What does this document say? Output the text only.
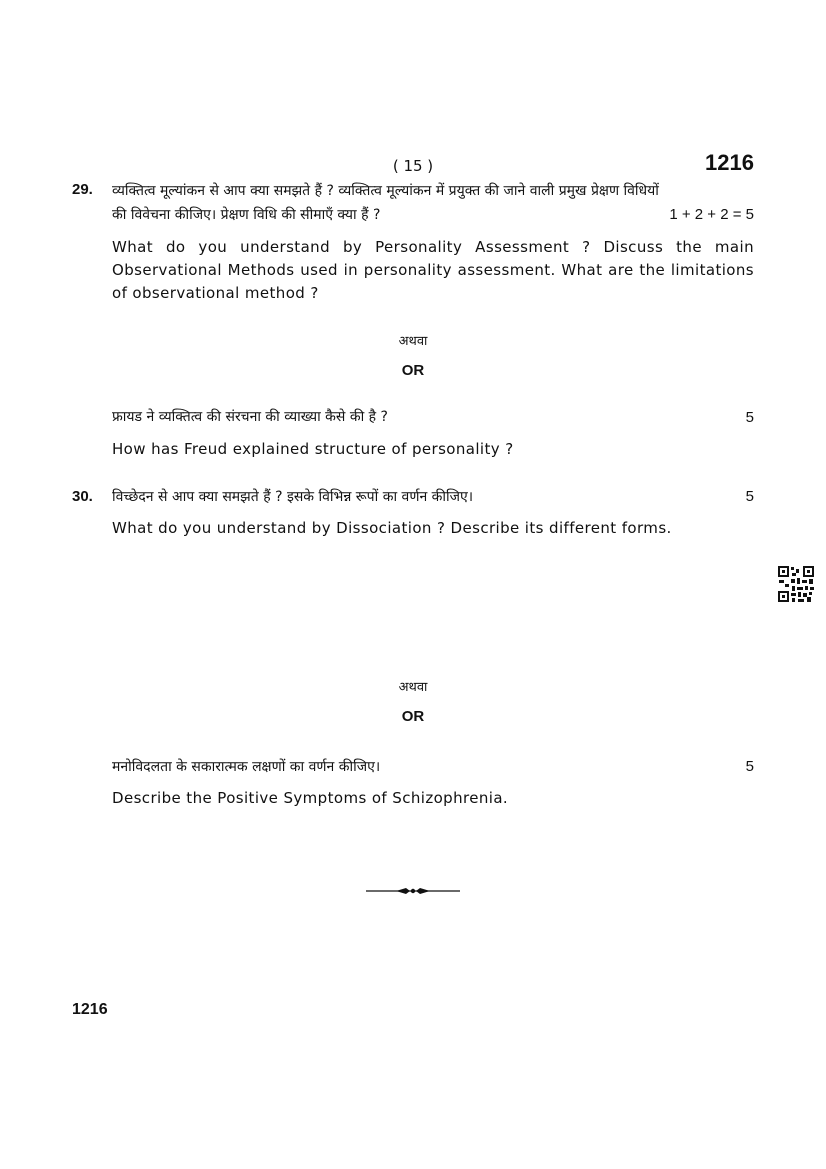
( 15 )	1216
29. व्यक्तित्व मूल्यांकन से आप क्या समझते हैं ? व्यक्तित्व मूल्यांकन में प्रयुक्त की जाने वाली प्रमुख प्रेक्षण विधियों
की विवेचना कीजिए। प्रेक्षण विधि की सीमाएँ क्या हैं ?	1 + 2 + 2 = 5
What do you understand by Personality Assessment ? Discuss the main Observational Methods used in personality assessment. What are the limitations of observational method ?
अथवा
OR
फ्रायड ने व्यक्तित्व की संरचना की व्याख्या कैसे की है ?	5
How has Freud explained structure of personality ?
30. विच्छेदन से आप क्या समझते हैं ? इसके विभिन्न रूपों का वर्णन कीजिए।	5
What do you understand by Dissociation ? Describe its different forms.
अथवा
OR
मनोविदलता के सकारात्मक लक्षणों का वर्णन कीजिए।	5
Describe the Positive Symptoms of Schizophrenia.
1216
